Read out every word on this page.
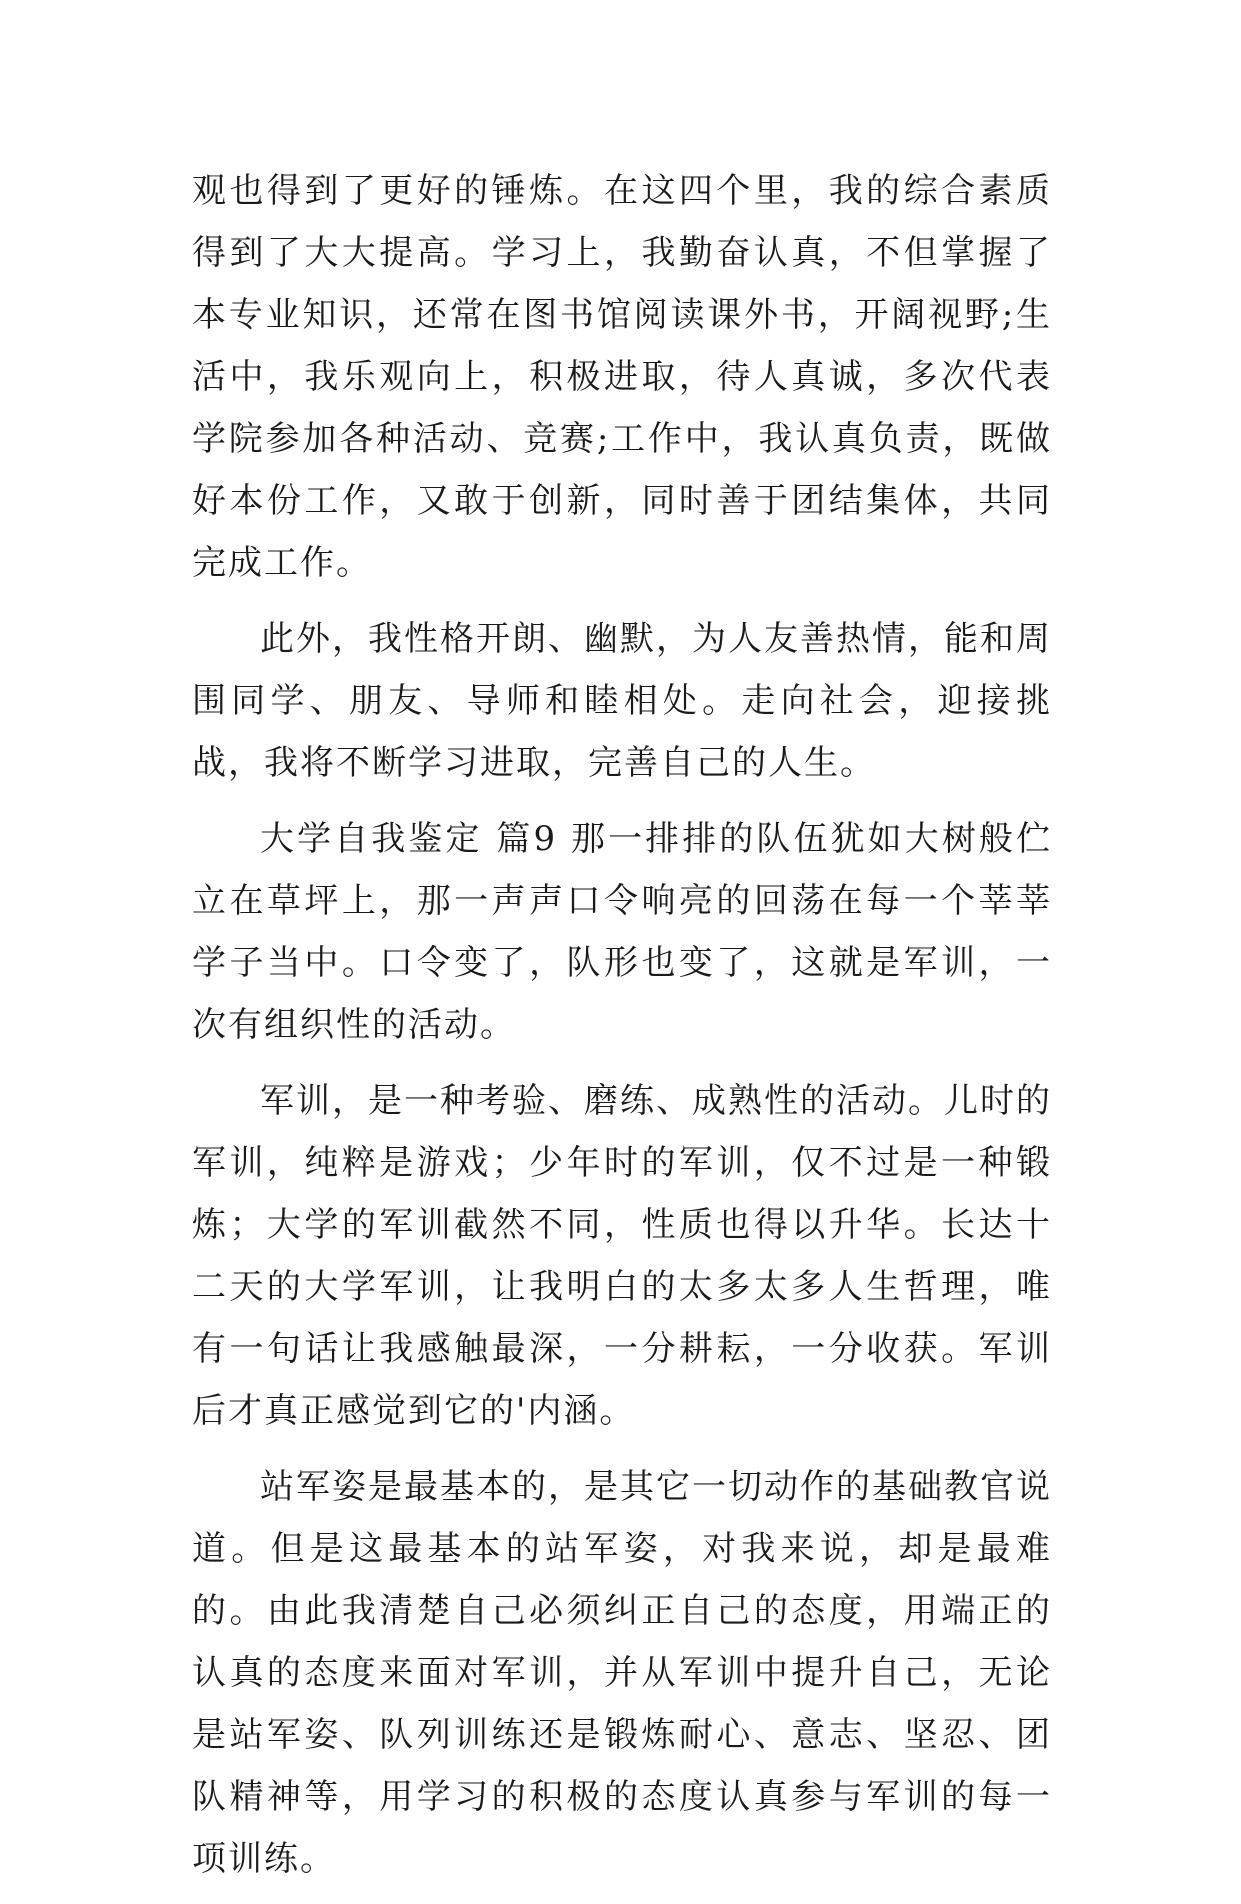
观也得到了更好的锤炼。在这四个里，我的综合素质得到了大大提高。学习上，我勤奋认真，不但掌握了本专业知识，还常在图书馆阅读课外书，开阔视野;生活中，我乐观向上，积极进取，待人真诚，多次代表学院参加各种活动、竞赛;工作中，我认真负责，既做好本份工作，又敢于创新，同时善于团结集体，共同完成工作。

此外，我性格开朗、幽默，为人友善热情，能和周围同学、朋友、导师和睦相处。走向社会，迎接挑战，我将不断学习进取，完善自己的人生。

大学自我鉴定 篇9 那一排排的队伍犹如大树般伫立在草坪上，那一声声口令响亮的回荡在每一个莘莘学子当中。口令变了，队形也变了，这就是军训，一次有组织性的活动。

军训，是一种考验、磨练、成熟性的活动。儿时的军训，纯粹是游戏；少年时的军训，仅不过是一种锻炼；大学的军训截然不同，性质也得以升华。长达十二天的大学军训，让我明白的太多太多人生哲理，唯有一句话让我感触最深，一分耕耘，一分收获。军训后才真正感觉到它的'内涵。

站军姿是最基本的，是其它一切动作的基础教官说道。但是这最基本的站军姿，对我来说，却是最难的。由此我清楚自己必须纠正自己的态度，用端正的认真的态度来面对军训，并从军训中提升自己，无论是站军姿、队列训练还是锻炼耐心、意志、坚忍、团队精神等，用学习的积极的态度认真参与军训的每一项训练。
